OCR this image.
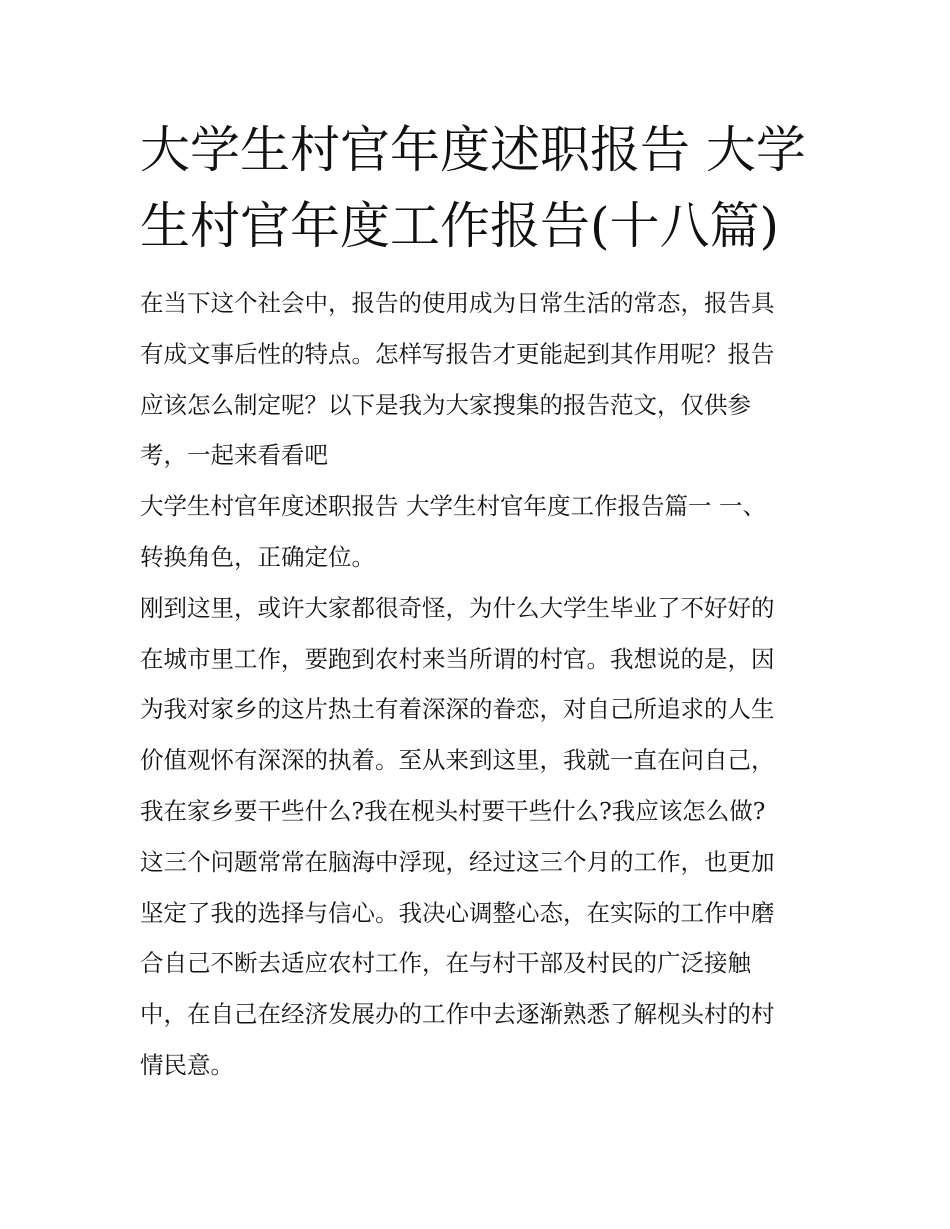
大学生村官年度述职报告 大学
生村官年度工作报告(十八篇)
在当下这个社会中，报告的使用成为日常生活的常态，报告具
有成文事后性的特点。怎样写报告才更能起到其作用呢？报告
应该怎么制定呢？以下是我为大家搜集的报告范文，仅供参
考，一起来看看吧
大学生村官年度述职报告 大学生村官年度工作报告篇一 一、
转换角色，正确定位。
刚到这里，或许大家都很奇怪，为什么大学生毕业了不好好的
在城市里工作，要跑到农村来当所谓的村官。我想说的是，因
为我对家乡的这片热土有着深深的眷恋，对自己所追求的人生
价值观怀有深深的执着。至从来到这里，我就一直在问自己，
我在家乡要干些什么?我在枧头村要干些什么?我应该怎么做?
这三个问题常常在脑海中浮现，经过这三个月的工作，也更加
坚定了我的选择与信心。我决心调整心态，在实际的工作中磨
合自己不断去适应农村工作，在与村干部及村民的广泛接触
中，在自己在经济发展办的工作中去逐渐熟悉了解枧头村的村
情民意。
